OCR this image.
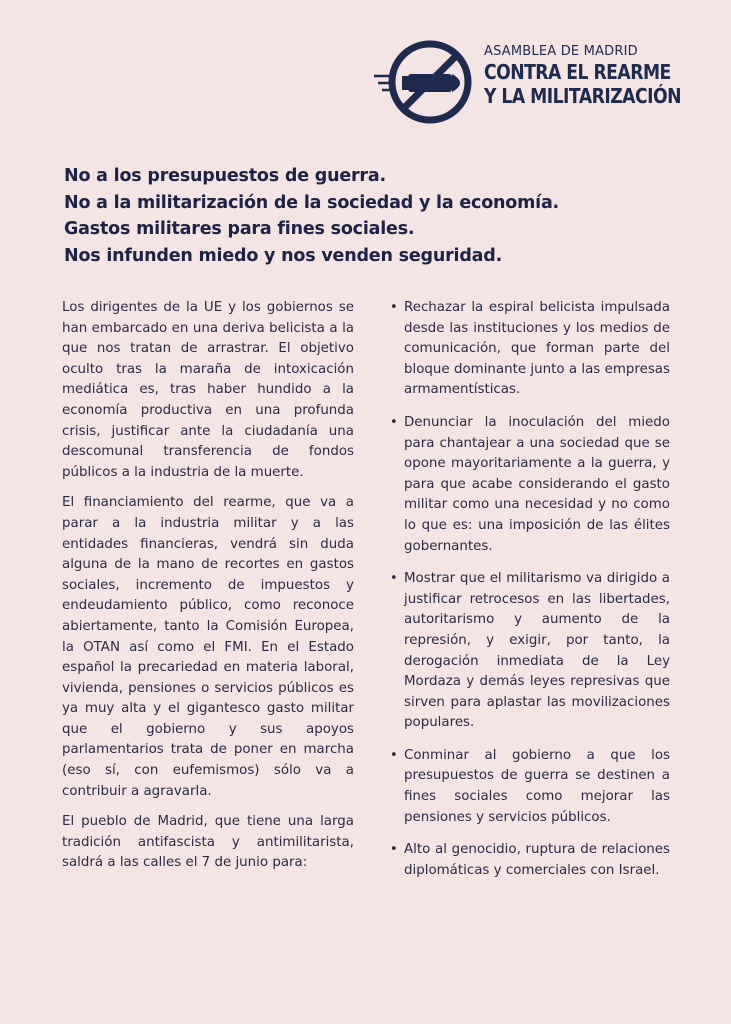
ASAMBLEA DE MADRID
CONTRA EL REARME
Y LA MILITARIZACIÓN
No a los presupuestos de guerra.
No a la militarización de la sociedad y la economía.
Gastos militares para fines sociales.
Nos infunden miedo y nos venden seguridad.

Los dirigentes de la UE y los gobiernos se han embarcado en una deriva belicista a la que nos tratan de arrastrar. El objetivo oculto tras la maraña de intoxicación mediática es, tras haber hundido a la economía productiva en una profunda crisis, justificar ante la ciudadanía una descomunal transferencia de fondos públicos a la industria de la muerte.

El financiamiento del rearme, que va a parar a la industria militar y a las entidades financieras, vendrá sin duda alguna de la mano de recortes en gastos sociales, incremento de impuestos y endeudamiento público, como reconoce abiertamente, tanto la Comisión Europea, la OTAN así como el FMI. En el Estado español la precariedad en materia laboral, vivienda, pensiones o servicios públicos es ya muy alta y el gigantesco gasto militar que el gobierno y sus apoyos parlamentarios trata de poner en marcha (eso sí, con eufemismos) sólo va a contribuir a agravarla.

El pueblo de Madrid, que tiene una larga tradición antifascista y antimilitarista, saldrá a las calles el 7 de junio para:

• Rechazar la espiral belicista impulsada desde las instituciones y los medios de comunicación, que forman parte del bloque dominante junto a las empresas armamentísticas.
• Denunciar la inoculación del miedo para chantajear a una sociedad que se opone mayoritariamente a la guerra, y para que acabe considerando el gasto militar como una necesidad y no como lo que es: una imposición de las élites gobernantes.
• Mostrar que el militarismo va dirigido a justificar retrocesos en las libertades, autoritarismo y aumento de la represión, y exigir, por tanto, la derogación inmediata de la Ley Mordaza y demás leyes represivas que sirven para aplastar las movilizaciones populares.
• Conminar al gobierno a que los presupuestos de guerra se destinen a fines sociales como mejorar las pensiones y servicios públicos.
• Alto al genocidio, ruptura de relaciones diplomáticas y comerciales con Israel.
